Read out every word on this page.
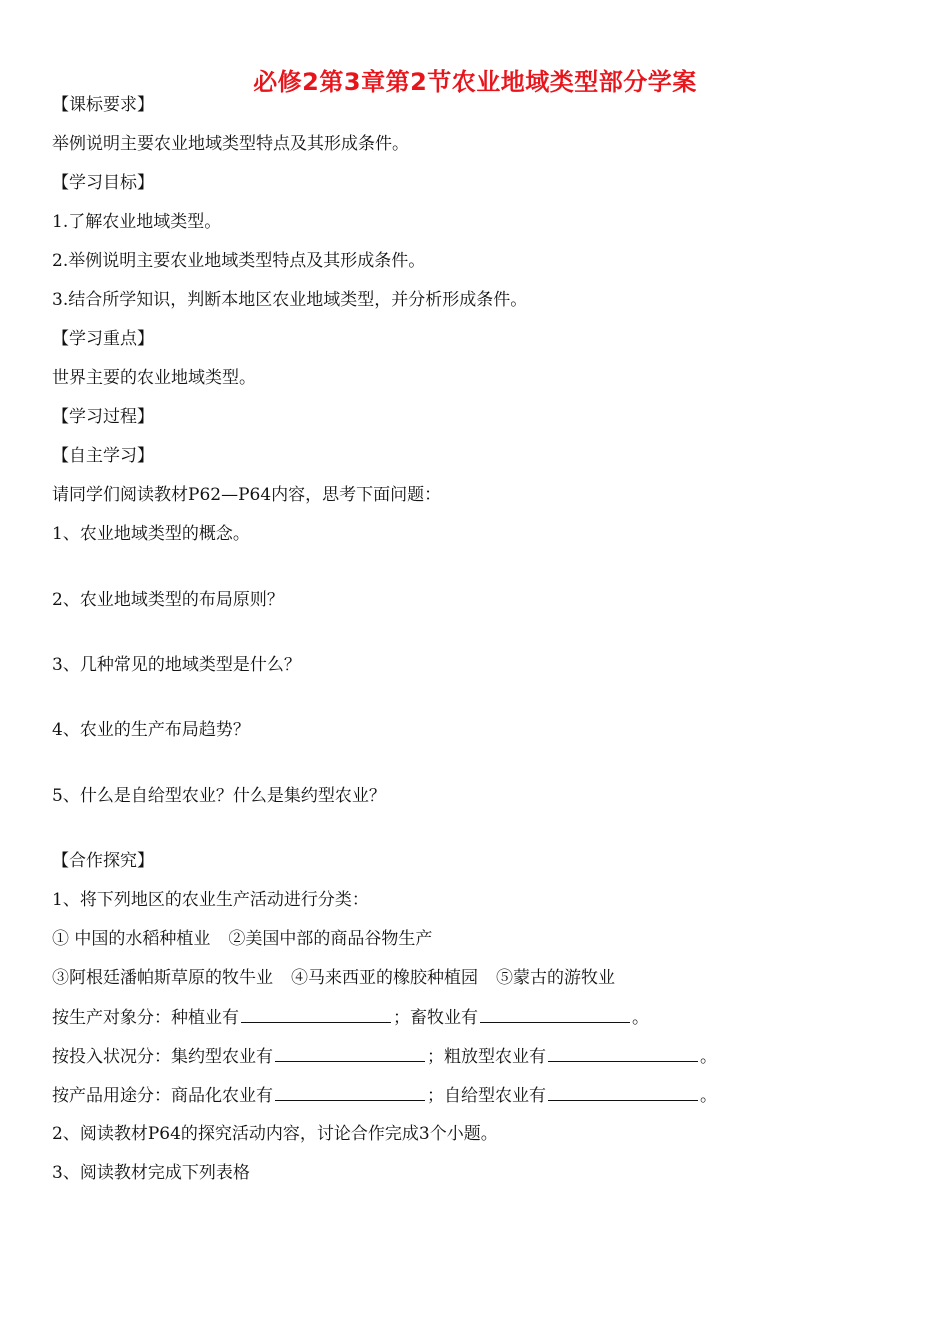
必修2第3章第2节农业地域类型部分学案
【课标要求】
举例说明主要农业地域类型特点及其形成条件。
【学习目标】
1.了解农业地域类型。
2.举例说明主要农业地域类型特点及其形成条件。
3.结合所学知识，判断本地区农业地域类型，并分析形成条件。
【学习重点】
世界主要的农业地域类型。
【学习过程】
【自主学习】
请同学们阅读教材P62—P64内容，思考下面问题：
1、农业地域类型的概念。
2、农业地域类型的布局原则？
3、几种常见的地域类型是什么？
4、农业的生产布局趋势？
5、什么是自给型农业？什么是集约型农业？
【合作探究】
1、将下列地区的农业生产活动进行分类：
① 中国的水稻种植业 ②美国中部的商品谷物生产
③阿根廷潘帕斯草原的牧牛业 ④马来西亚的橡胶种植园 ⑤蒙古的游牧业
按生产对象分：种植业有	；畜牧业有	。
按投入状况分：集约型农业有	；粗放型农业有	。
按产品用途分：商品化农业有	；自给型农业有	。
2、阅读教材P64的探究活动内容，讨论合作完成3个小题。
3、阅读教材完成下列表格
